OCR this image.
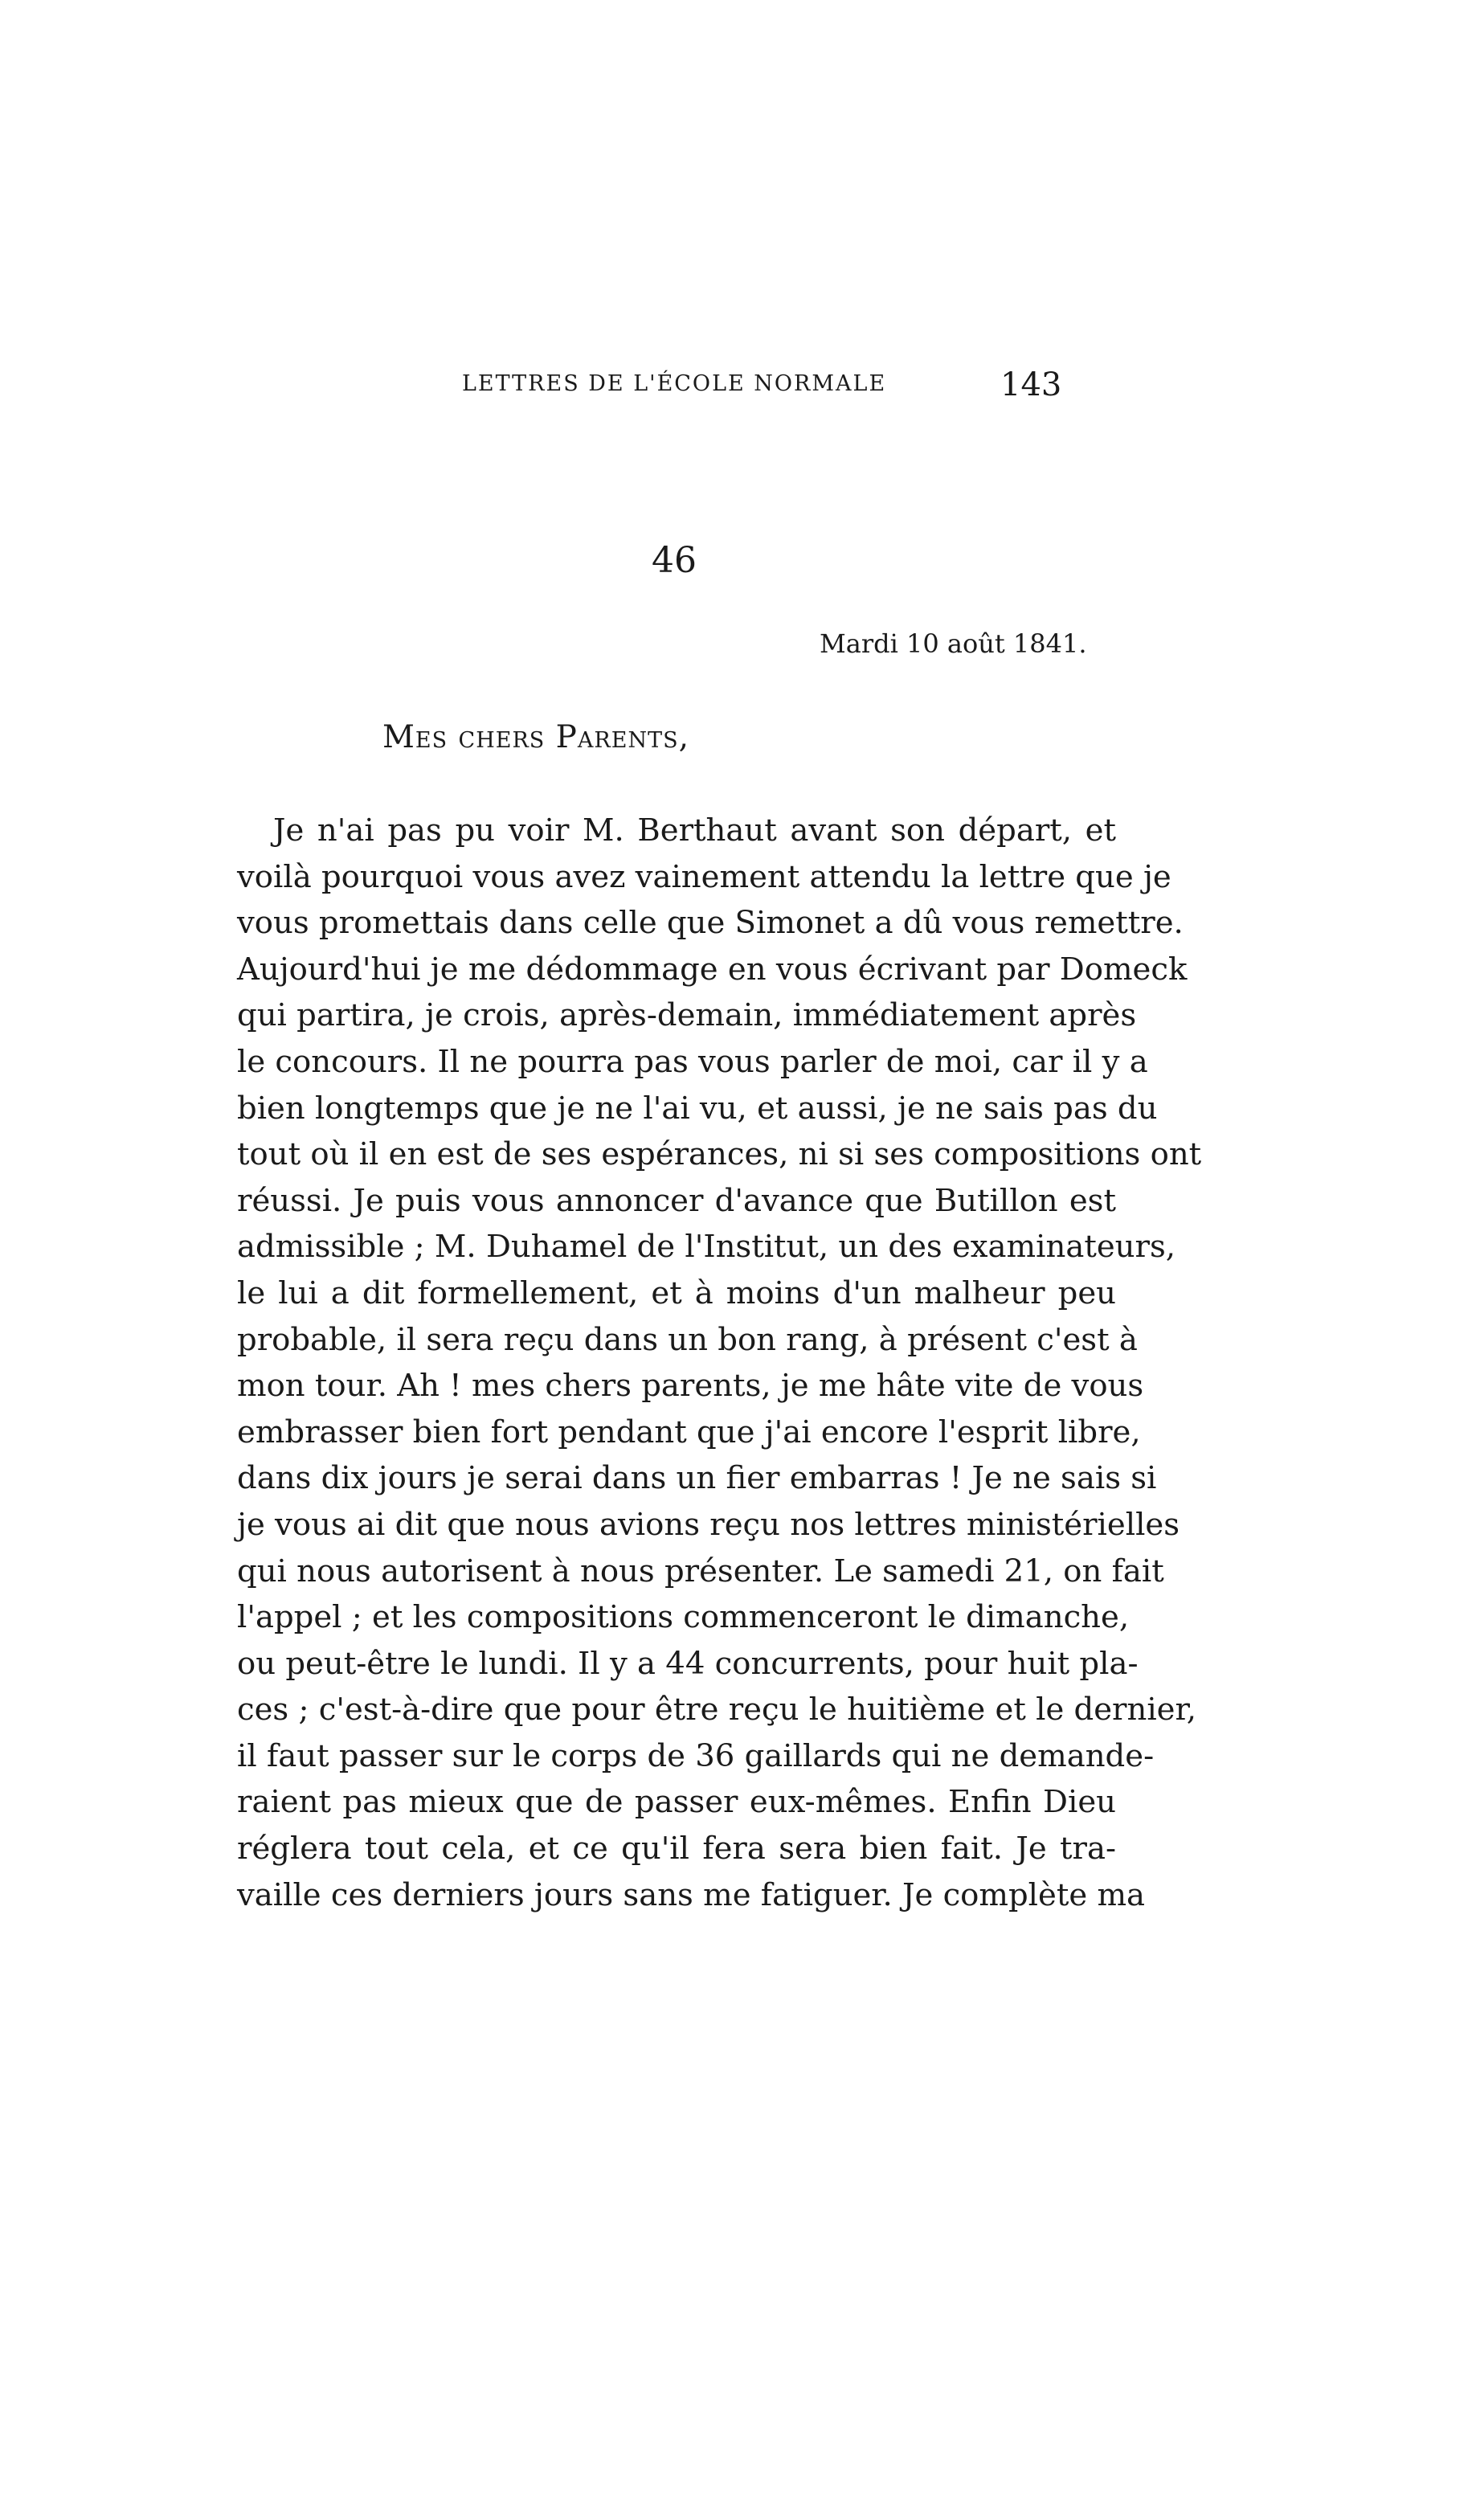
LETTRES DE L'ÉCOLE NORMALE	143
46
Mardi 10 août 1841.
Mes chers Parents,
Je n'ai pas pu voir M. Berthaut avant son départ, et
voilà pourquoi vous avez vainement attendu la lettre que je
vous promettais dans celle que Simonet a dû vous remettre.
Aujourd'hui je me dédommage en vous écrivant par Domeck
qui partira, je crois, après-demain, immédiatement après
le concours. Il ne pourra pas vous parler de moi, car il y a
bien longtemps que je ne l'ai vu, et aussi, je ne sais pas du
tout où il en est de ses espérances, ni si ses compositions ont
réussi. Je puis vous annoncer d'avance que Butillon est
admissible ; M. Duhamel de l'Institut, un des examinateurs,
le lui a dit formellement, et à moins d'un malheur peu
probable, il sera reçu dans un bon rang, à présent c'est à
mon tour. Ah ! mes chers parents, je me hâte vite de vous
embrasser bien fort pendant que j'ai encore l'esprit libre,
dans dix jours je serai dans un fier embarras ! Je ne sais si
je vous ai dit que nous avions reçu nos lettres ministérielles
qui nous autorisent à nous présenter. Le samedi 21, on fait
l'appel ; et les compositions commenceront le dimanche,
ou peut-être le lundi. Il y a 44 concurrents, pour huit pla-
ces ; c'est-à-dire que pour être reçu le huitième et le dernier,
il faut passer sur le corps de 36 gaillards qui ne demande-
raient pas mieux que de passer eux-mêmes. Enfin Dieu
réglera tout cela, et ce qu'il fera sera bien fait. Je tra-
vaille ces derniers jours sans me fatiguer. Je complète ma
